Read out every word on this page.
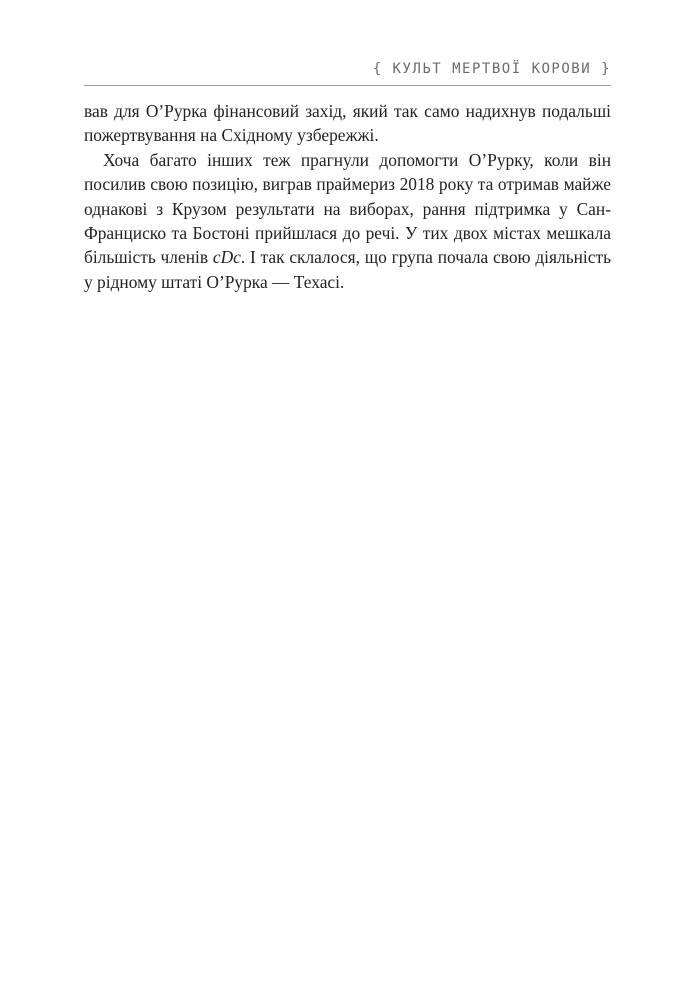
{ КУЛЬТ МЕРТВОЇ КОРОВИ }

вав для О’Рурка фінансовий захід, який так само надихнув подальші пожертвування на Східному узбережжі.

Хоча багато інших теж прагнули допомогти О’Рурку, коли він посилив свою позицію, виграв праймериз 2018 року та отримав майже однакові з Крузом результати на виборах, рання підтримка у Сан-Франциско та Бостоні прийшлася до речі. У тих двох містах мешкала більшість членів cDc. І так склалося, що група почала свою діяльність у рідному штаті О’Рурка — Техасі.
